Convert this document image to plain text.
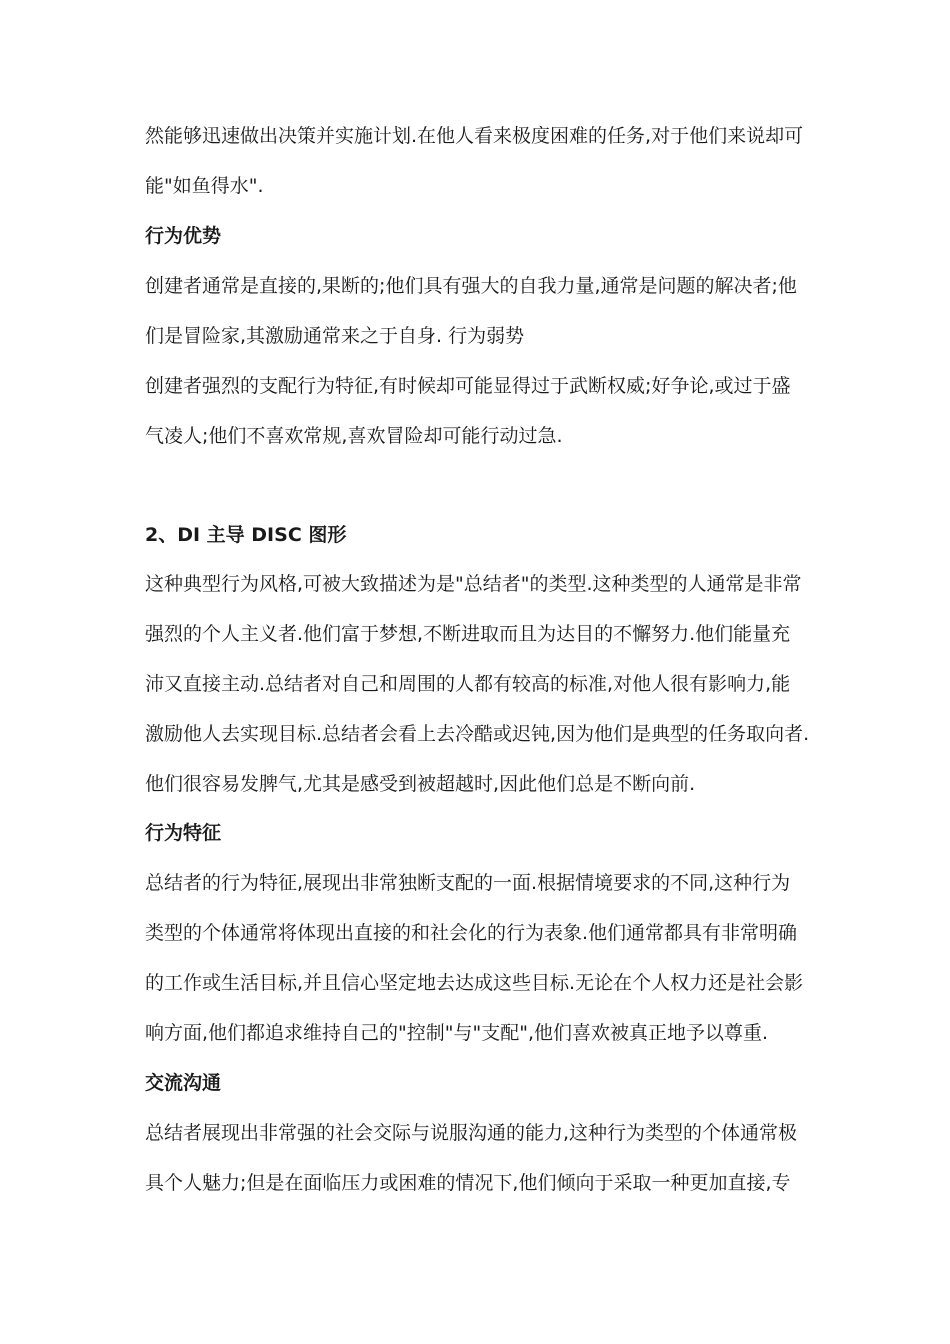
然能够迅速做出决策并实施计划.在他人看来极度困难的任务,对于他们来说却可
能"如鱼得水".
行为优势
创建者通常是直接的,果断的;他们具有强大的自我力量,通常是问题的解决者;他
们是冒险家,其激励通常来之于自身. 行为弱势
创建者强烈的支配行为特征,有时候却可能显得过于武断权威;好争论,或过于盛
气凌人;他们不喜欢常规,喜欢冒险却可能行动过急.
2、DI 主导 DISC 图形
这种典型行为风格,可被大致描述为是"总结者"的类型.这种类型的人通常是非常
强烈的个人主义者.他们富于梦想,不断进取而且为达目的不懈努力.他们能量充
沛又直接主动.总结者对自己和周围的人都有较高的标准,对他人很有影响力,能
激励他人去实现目标.总结者会看上去冷酷或迟钝,因为他们是典型的任务取向者.
他们很容易发脾气,尤其是感受到被超越时,因此他们总是不断向前.
行为特征
总结者的行为特征,展现出非常独断支配的一面.根据情境要求的不同,这种行为
类型的个体通常将体现出直接的和社会化的行为表象.他们通常都具有非常明确
的工作或生活目标,并且信心坚定地去达成这些目标.无论在个人权力还是社会影
响方面,他们都追求维持自己的"控制"与"支配",他们喜欢被真正地予以尊重.
交流沟通
总结者展现出非常强的社会交际与说服沟通的能力,这种行为类型的个体通常极
具个人魅力;但是在面临压力或困难的情况下,他们倾向于采取一种更加直接,专
